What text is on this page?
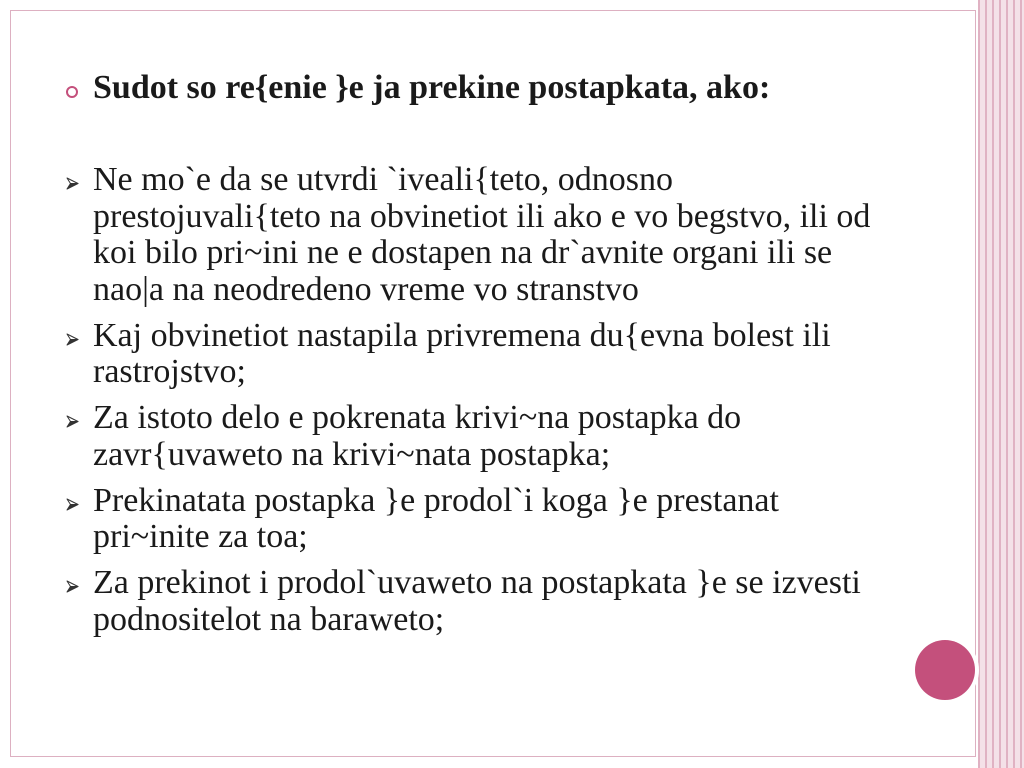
Sudot so re{enie }e ja prekine postapkata, ako:
Ne mo`e da se utvrdi `iveali{teto, odnosno
prestojuvali{teto na obvinetiot ili ako e vo begstvo, ili od
koi bilo pri~ini ne e dostapen na dr`avnite organi ili se
nao|a na neodredeno vreme vo stranstvo
Kaj obvinetiot nastapila privremena du{evna bolest ili
rastrojstvo;
Za istoto delo e pokrenata krivi~na postapka do
zavr{uvaweto na krivi~nata postapka;
Prekinatata postapka }e prodol`i koga }e prestanat
pri~inite za toa;
Za prekinot i prodol`uvaweto na postapkata }e se izvesti
podnositelot na baraweto;
